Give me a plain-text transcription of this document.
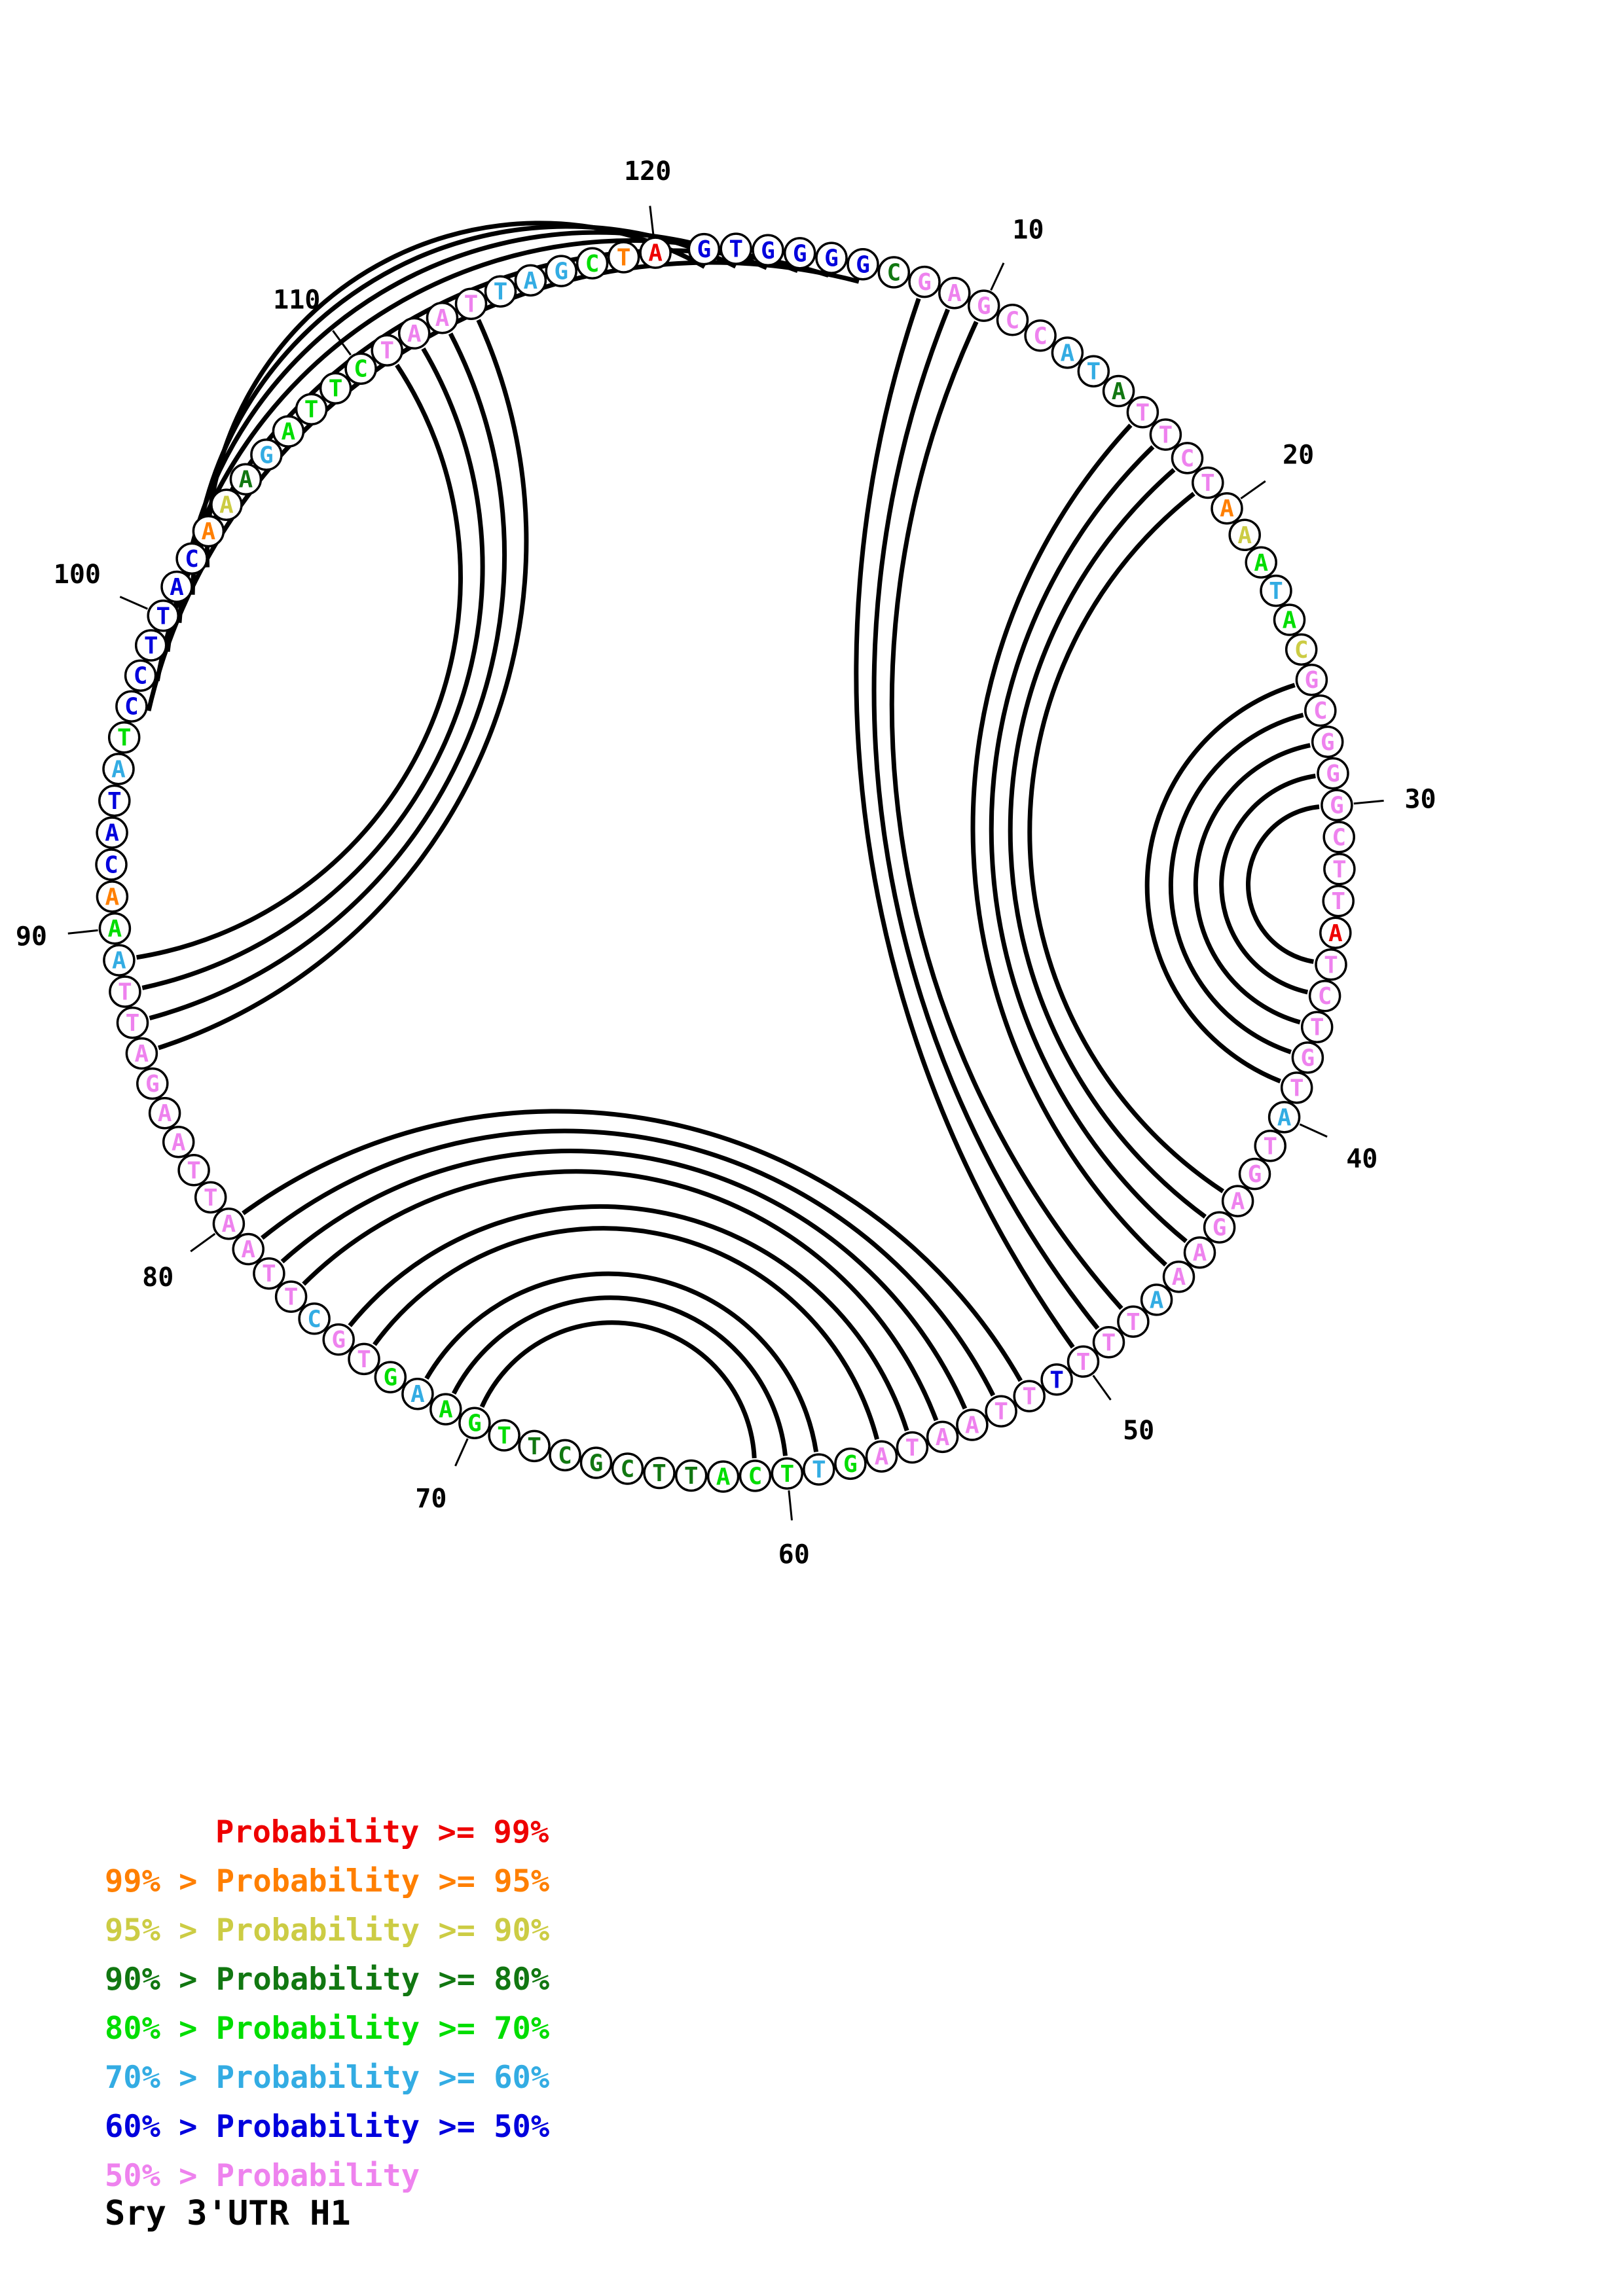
10
20
30
40
50
60
70
80
90
100
110
120
G T G G G G C G A G
C
C
A
T
A
T
T
C
T
A
A
A
T
A
C
G
C
G
G
G
C
T
T
A
T
C
T
G
T
A
T
G
A
G
A
A
A
T
T
T
T
T
T
A
A
T
A
G
T
T
C
A
T
T
C
G
C
T
T
G
A
A
G
T
G
C
T
T
A
A
T
T
A
A
G
A
T
T
A
A
A
C
A
T
A
T
C
C
T
T
A
C
A
A
A
G
A
T
T
C
T
A
A
T T A G C T A
Probability >= 99%
99% > Probability >= 95%
95% > Probability >= 90%
90% > Probability >= 80%
80% > Probability >= 70%
70% > Probability >= 60%
60% > Probability >= 50%
50% > Probability
Sry 3'UTR H1
